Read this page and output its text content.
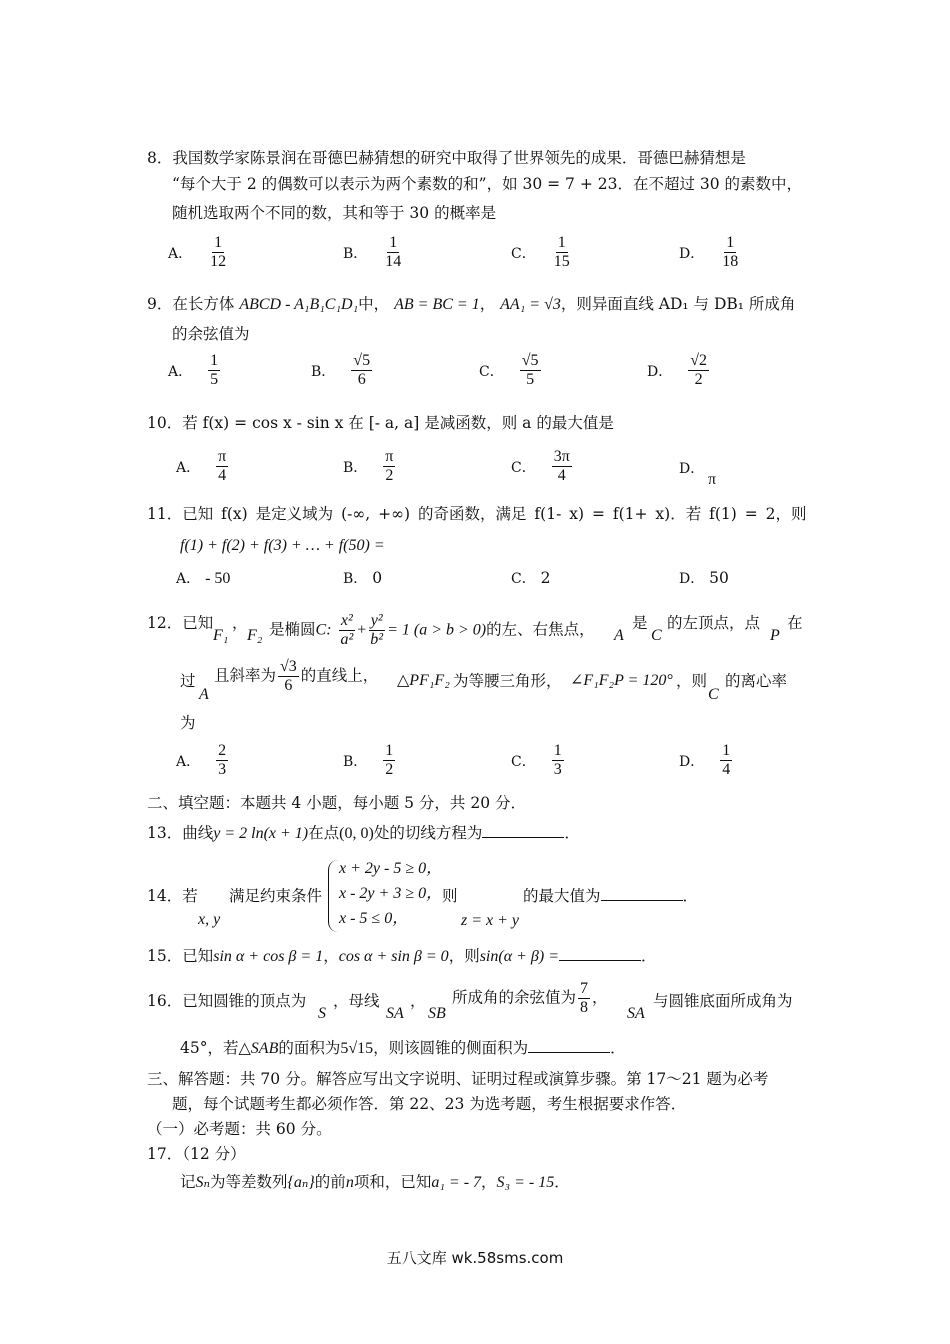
8．我国数学家陈景润在哥德巴赫猜想的研究中取得了世界领先的成果．哥德巴赫猜想是
“每个大于 2 的偶数可以表示为两个素数的和”，如 30 = 7 + 23．在不超过 30 的素数中，
随机选取两个不同的数，其和等于 30 的概率是
A． $\frac{1}{12}$	B． $\frac{1}{14}$	C． $\frac{1}{15}$	D． $\frac{1}{18}$
9．在长方体 ABCD - A₁B₁C₁D₁中， AB = BC = 1， AA₁ = √3，则异面直线 AD₁ 与 DB₁ 所成角
的余弦值为
A． $\frac{1}{5}$	B． $\frac{√5}{6}$	C． $\frac{√5}{5}$	D． $\frac{√2}{2}$
10．若 f(x) = cos x - sin x 在 [- a, a] 是减函数，则 a 的最大值是
A． $\frac{\pi}{4}$	B． $\frac{\pi}{2}$	C． $\frac{3\pi}{4}$	D．
π
11．已知 f(x) 是定义域为 (-∞, +∞) 的奇函数，满足 f(1- x) = f(1+ x)．若 f(1) = 2，则
f(1) + f(2) + f(3) + … + f(50) =
A． - 50	B． 0	C． 2	D． 50
12．已知
F₁
，
F₂ 是椭圆C: $\frac{\text{x²}}{\text{a²}} + \frac{\text{y²}}{\text{b²}} = 1$ (a > b > 0)的左、右焦点， A
是
C
的左顶点，点
P
在
过
A
且斜率为 $\frac{√3}{6}$ 的直线上， △PF₁F₂ 为等腰三角形， ∠F₁F₂P = 120° ，则
C
的离心率
为
A． $\frac{2}{3}$	B． $\frac{1}{2}$	C． $\frac{1}{3}$	D． $\frac{1}{4}$
二、填空题：本题共 4 小题，每小题 5 分，共 20 分．
13．曲线y = 2 ln(x + 1)在点(0, 0)处的切线方程为	．
14．若
x, y
满足约束条件
x + 2y - 5 ≥ 0，
x - 2y + 3 ≥ 0， 则
x - 5 ≤ 0，	z = x + y
的最大值为	．
15．已知sin α + cos β = 1，cos α + sin β = 0，则sin(α + β) =	．
16．已知圆锥的顶点为
S
，母线
SA
，
SB
所成角的余弦值为 $\frac{7}{8}$ ，
SA
与圆锥底面所成角为
45°，若△SAB的面积为5√15，则该圆锥的侧面积为	．
三、解答题：共 70 分。解答应写出文字说明、证明过程或演算步骤。第 17～21 题为必考
题，每个试题考生都必须作答．第 22、23 为选考题，考生根据要求作答．
（一）必考题：共 60 分。
17．（12 分）
记Sₙ为等差数列{aₙ}的前n项和，已知a₁ = - 7，S₃ = - 15．
五八文库 wk.58sms.com
